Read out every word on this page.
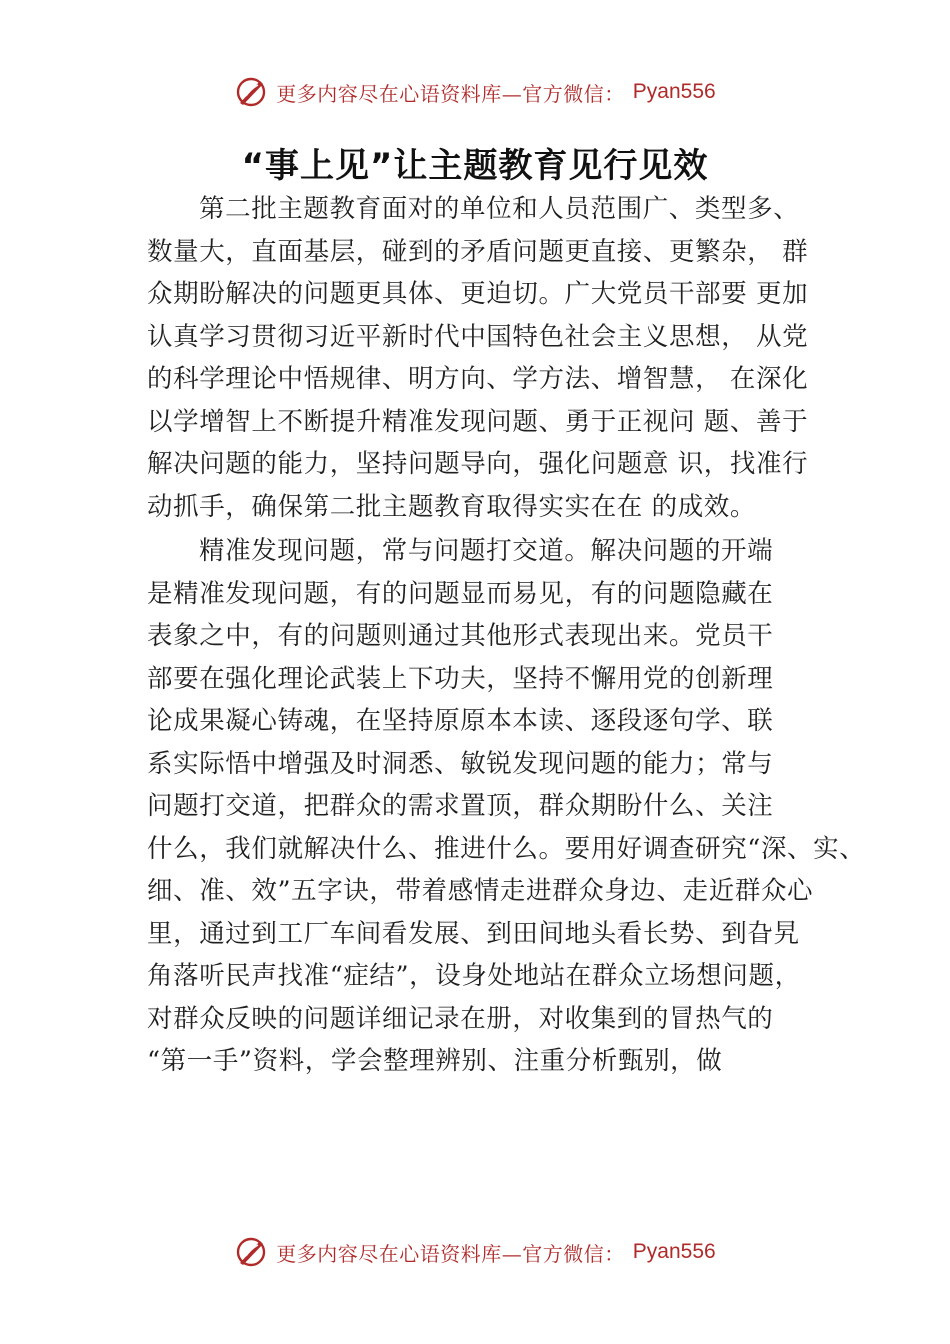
更多内容尽在心语资料库—官方微信： Pyan556
“事上见”让主题教育见行见效
第二批主题教育面对的单位和人员范围广、类型多、
数量大，直面基层，碰到的矛盾问题更直接、更繁杂， 群
众期盼解决的问题更具体、更迫切。广大党员干部要 更加
认真学习贯彻习近平新时代中国特色社会主义思想， 从党
的科学理论中悟规律、明方向、学方法、增智慧， 在深化
以学增智上不断提升精准发现问题、勇于正视问 题、善于
解决问题的能力，坚持问题导向，强化问题意 识，找准行
动抓手，确保第二批主题教育取得实实在在 的成效。
精准发现问题，常与问题打交道。解决问题的开端
是精准发现问题，有的问题显而易见，有的问题隐藏在
表象之中，有的问题则通过其他形式表现出来。党员干
部要在强化理论武装上下功夫，坚持不懈用党的创新理
论成果凝心铸魂，在坚持原原本本读、逐段逐句学、联
系实际悟中增强及时洞悉、敏锐发现问题的能力；常与
问题打交道，把群众的需求置顶，群众期盼什么、关注
什么，我们就解决什么、推进什么。要用好调查研究“深、实、
细、准、效”五字诀，带着感情走进群众身边、走近群众心
里，通过到工厂车间看发展、到田间地头看长势、到旮旯
角落听民声找准“症结”，设身处地站在群众立场想问题，
对群众反映的问题详细记录在册，对收集到的冒热气的
“第一手”资料，学会整理辨别、注重分析甄别，做
更多内容尽在心语资料库—官方微信： Pyan556
